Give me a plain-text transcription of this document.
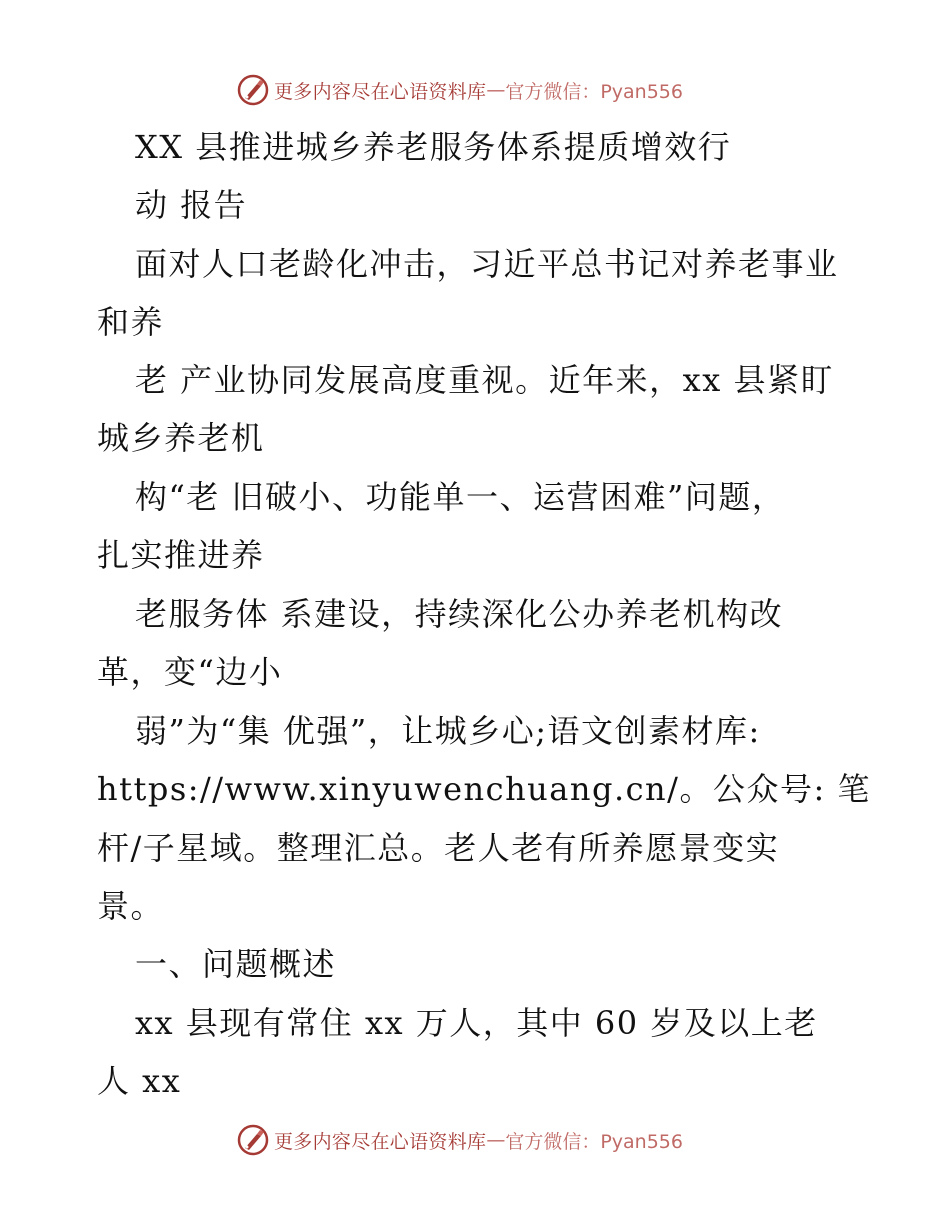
更多内容尽在心语资料库 — 官方微信：Pyan556
XX 县推进城乡养老服务体系提质增效行
动 报告
面对人口老龄化冲击，习近平总书记对养老事业
和养
老 产业协同发展高度重视。近年来，xx 县紧盯
城乡养老机
构“老 旧破小、功能单一、运营困难”问题，
扎实推进养
老服务体 系建设，持续深化公办养老机构改
革，变“边小
弱”为“集 优强”，让城乡心;语文创素材库:
https://www.xinyuwenchuang.cn/。公众号: 笔
杆/子星域。整理汇总。老人老有所养愿景变实
景。
一、问题概述
xx 县现有常住 xx 万人，其中 60 岁及以上老
人 xx
更多内容尽在心语资料库 — 官方微信：Pyan556
